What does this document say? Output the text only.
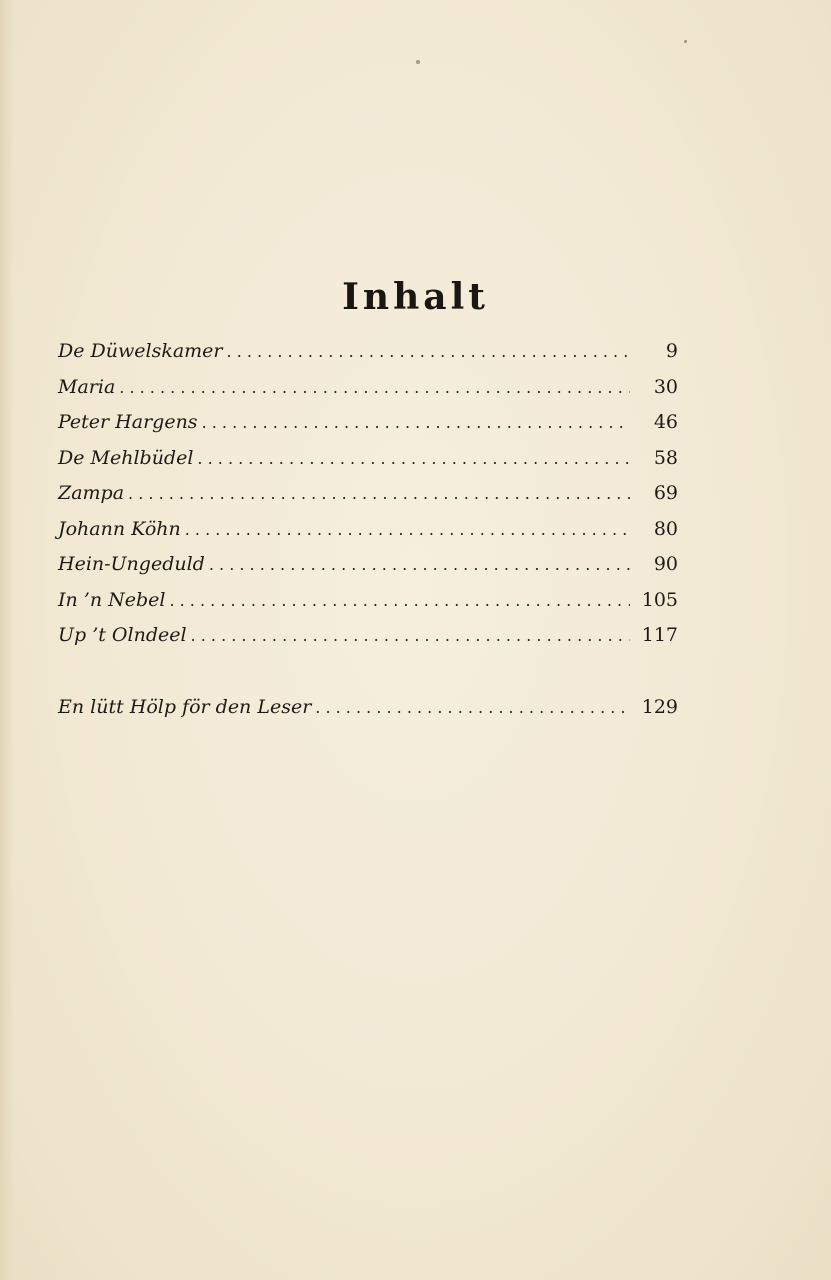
Inhalt
De Düwelskamer . . .	9
Maria . . .	30
Peter Hargens . . .	46
De Mehlbüdel . . .	58
Zampa . . .	69
Johann Köhn . . .	80
Hein-Ungeduld . . .	90
In ’n Nebel . . .	105
Up ’t Olndeel . . .	117
En lütt Hölp för den Leser . . .	129
